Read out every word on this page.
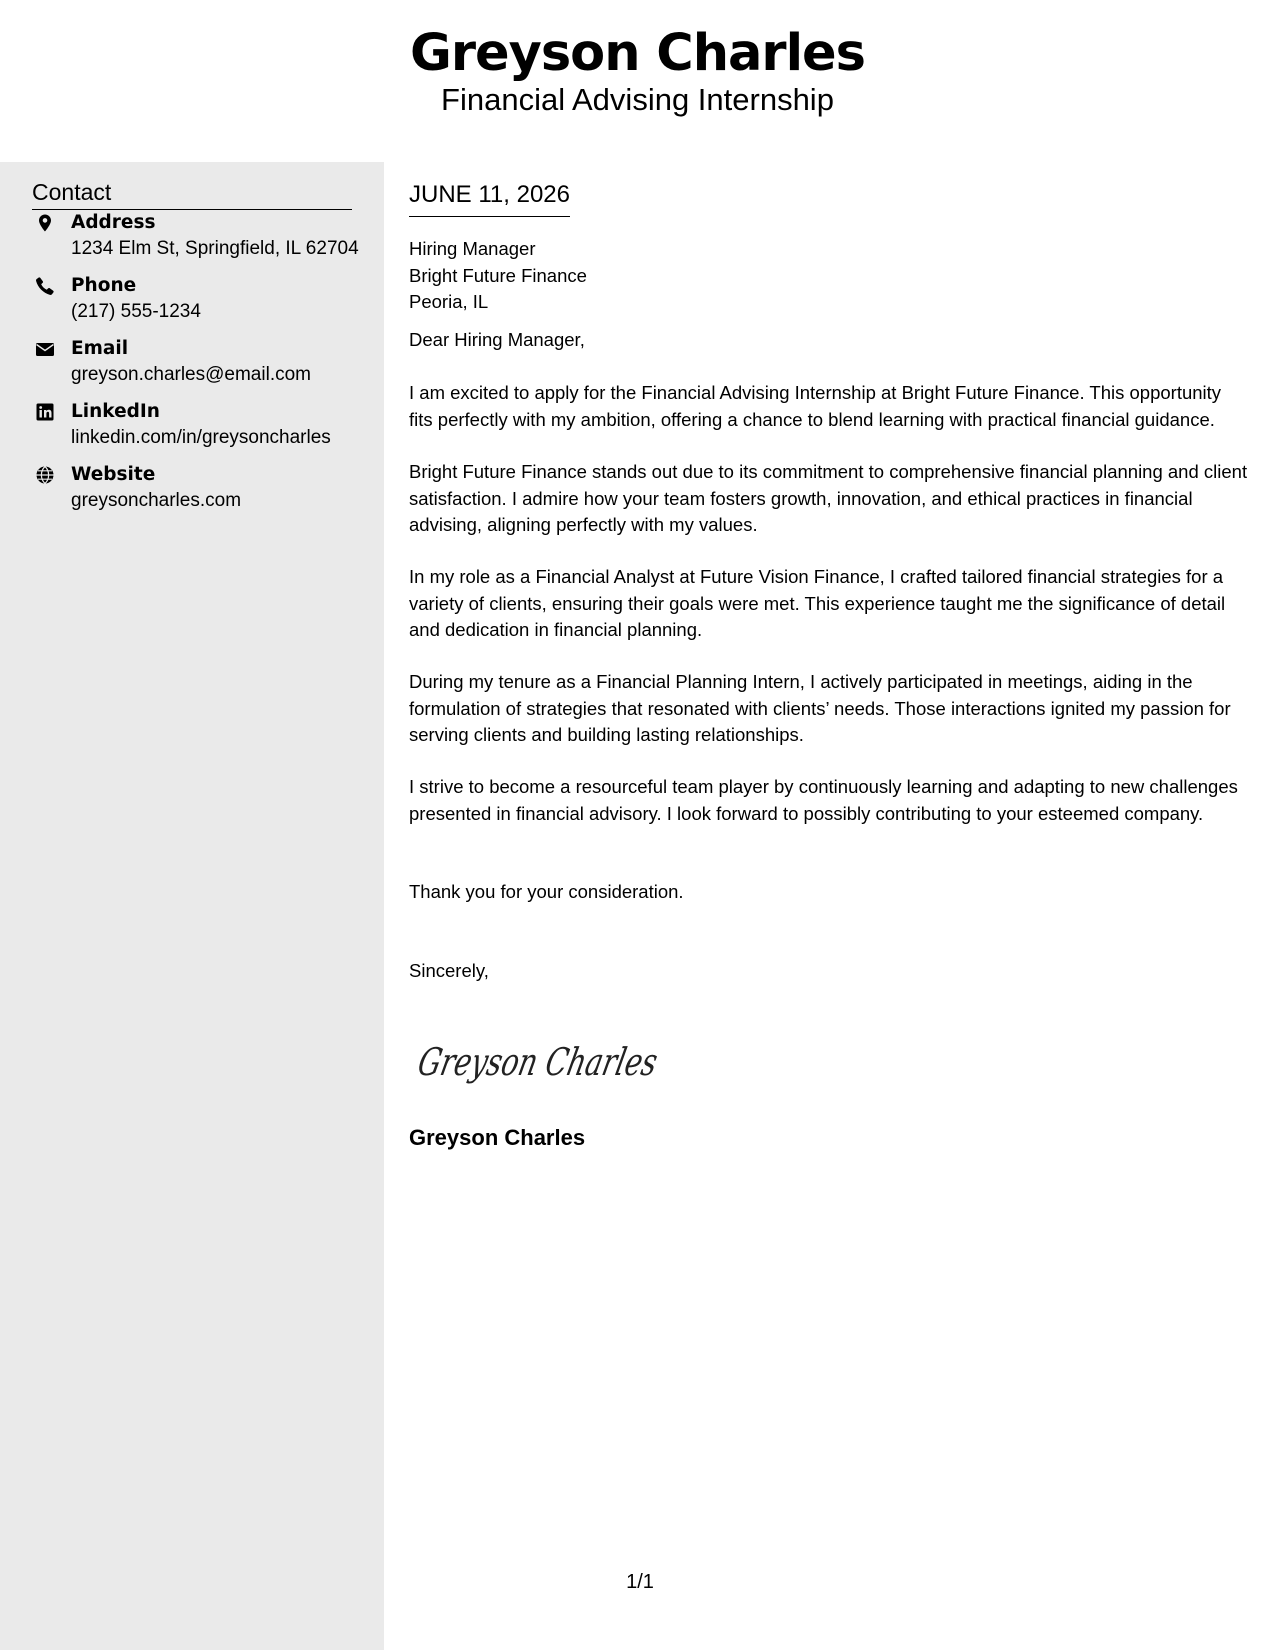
Greyson Charles
Financial Advising Internship
Contact
Address
1234 Elm St, Springfield, IL 62704
Phone
(217) 555-1234
Email
greyson.charles@email.com
LinkedIn
linkedin.com/in/greysoncharles
Website
greysoncharles.com
JUNE 11, 2026
Hiring Manager
Bright Future Finance
Peoria, IL
Dear Hiring Manager,
I am excited to apply for the Financial Advising Internship at Bright Future Finance. This opportunity fits perfectly with my ambition, offering a chance to blend learning with practical financial guidance.
Bright Future Finance stands out due to its commitment to comprehensive financial planning and client satisfaction. I admire how your team fosters growth, innovation, and ethical practices in financial advising, aligning perfectly with my values.
In my role as a Financial Analyst at Future Vision Finance, I crafted tailored financial strategies for a variety of clients, ensuring their goals were met. This experience taught me the significance of detail and dedication in financial planning.
During my tenure as a Financial Planning Intern, I actively participated in meetings, aiding in the formulation of strategies that resonated with clients’ needs. Those interactions ignited my passion for serving clients and building lasting relationships.
I strive to become a resourceful team player by continuously learning and adapting to new challenges presented in financial advisory. I look forward to possibly contributing to your esteemed company.
Thank you for your consideration.
Sincerely,
Greyson Charles
Greyson Charles
1/1
